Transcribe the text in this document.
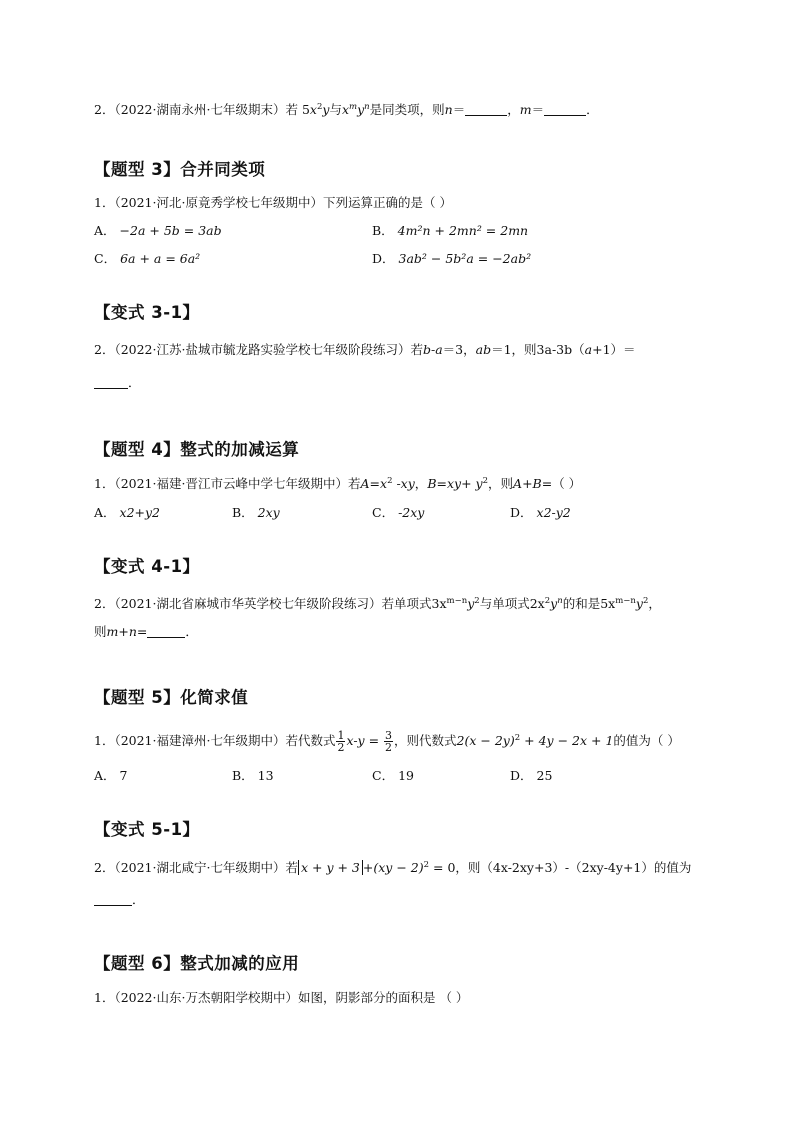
2．（2022·湖南永州·七年级期末）若 $5x^2y$与$x^my^n$是同类项，则n＝	，m＝	．
【题型 3】合并同类项
1．（2021·河北·原竟秀学校七年级期中）下列运算正确的是（ ）
A． −2a + 5b = 3ab	B． 4m²n + 2mn² = 2mn
C． 6a + a = 6a²	D． 3ab² − 5b²a = −2ab²
【变式 3-1】
2．（2022·江苏·盐城市毓龙路实验学校七年级阶段练习）若b-a＝3，ab＝1，则3a-3b（a+1）＝
．
【题型 4】整式的加减运算
1．（2021·福建·晋江市云峰中学七年级期中）若$A=x^2$ -xy，$B=xy+ y^2$，则A+B=（ ）
A． x2+y2	B． 2xy	C． -2xy	D． x2-y2
【变式 4-1】
2．（2021·湖北省麻城市华英学校七年级阶段练习）若单项式$3x^{m-n}y^2$与单项式$2x^2y^n$的和是$5x^{m-n}y^2$，
则m+n=	．
【题型 5】化简求值
1．（2021·福建漳州·七年级期中）若代数式 $\frac{1}{2} x-y = \frac{3}{2}$ ，则代数式$2(x - 2y)^2 + 4y - 2x + 1$的值为（ ）
A． 7	B． 13	C． 19	D． 25
【变式 5-1】
2．（2021·湖北咸宁·七年级期中）若 x + y + 3 +(xy − 2)$^2$ = 0，则（4x-2xy+3）-（2xy-4y+1）的值为
．
【题型 6】整式加减的应用
1．（2022·山东·万杰朝阳学校期中）如图，阴影部分的面积是 （ ）
